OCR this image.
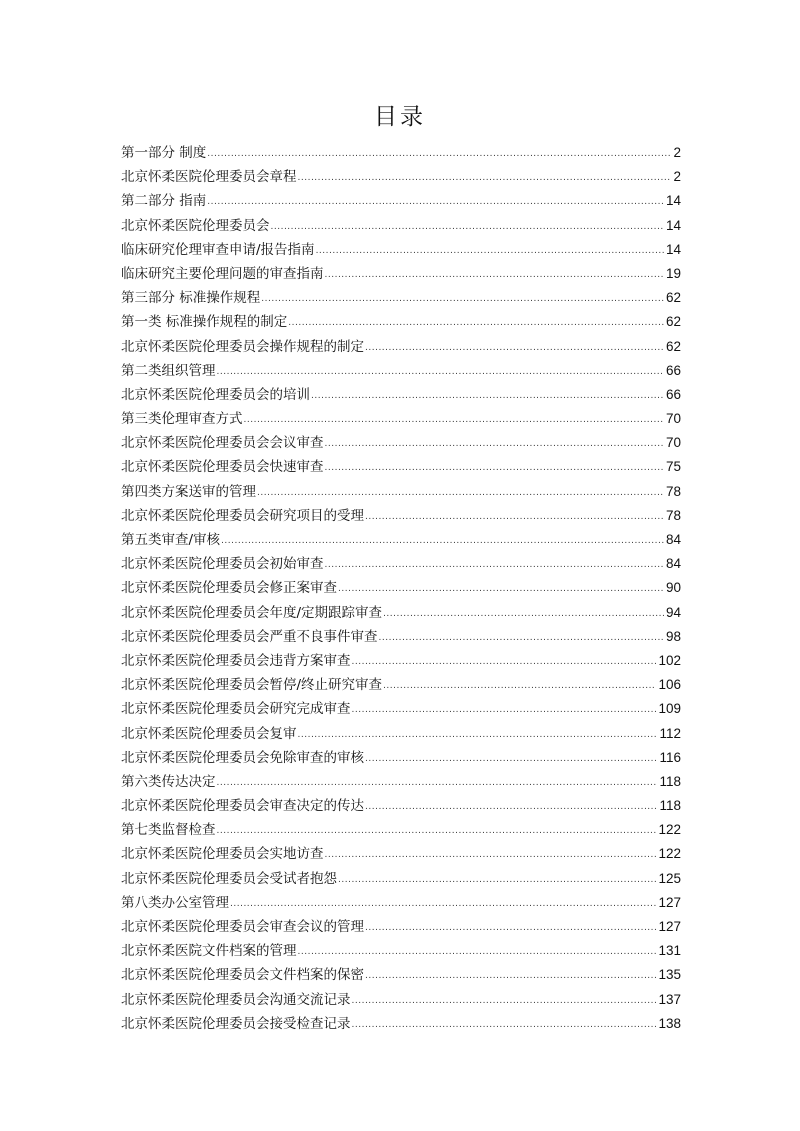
目录
第一部分 制度 .....	2
北京怀柔医院伦理委员会章程 .....	2
第二部分 指南 .....	14
北京怀柔医院伦理委员会 .....	14
临床研究伦理审查申请/报告指南 .....	14
临床研究主要伦理问题的审查指南 .....	19
第三部分 标准操作规程 .....	62
第一类 标准操作规程的制定 .....	62
北京怀柔医院伦理委员会操作规程的制定 .....	62
第二类组织管理 .....	66
北京怀柔医院伦理委员会的培训 .....	66
第三类伦理审查方式 .....	70
北京怀柔医院伦理委员会会议审查 .....	70
北京怀柔医院伦理委员会快速审查 .....	75
第四类方案送审的管理 .....	78
北京怀柔医院伦理委员会研究项目的受理 .....	78
第五类审查/审核 .....	84
北京怀柔医院伦理委员会初始审查 .....	84
北京怀柔医院伦理委员会修正案审查 .....	90
北京怀柔医院伦理委员会年度/定期跟踪审查 .....	94
北京怀柔医院伦理委员会严重不良事件审查 .....	98
北京怀柔医院伦理委员会违背方案审查 .....	102
北京怀柔医院伦理委员会暂停/终止研究审查 .....	106
北京怀柔医院伦理委员会研究完成审查 .....	109
北京怀柔医院伦理委员会复审 .....	112
北京怀柔医院伦理委员会免除审查的审核 .....	116
第六类传达决定 .....	118
北京怀柔医院伦理委员会审查决定的传达 .....	118
第七类监督检查 .....	122
北京怀柔医院伦理委员会实地访查 .....	122
北京怀柔医院伦理委员会受试者抱怨 .....	125
第八类办公室管理 .....	127
北京怀柔医院伦理委员会审查会议的管理 .....	127
北京怀柔医院文件档案的管理 .....	131
北京怀柔医院伦理委员会文件档案的保密 .....	135
北京怀柔医院伦理委员会沟通交流记录 .....	137
北京怀柔医院伦理委员会接受检查记录 .....	138
